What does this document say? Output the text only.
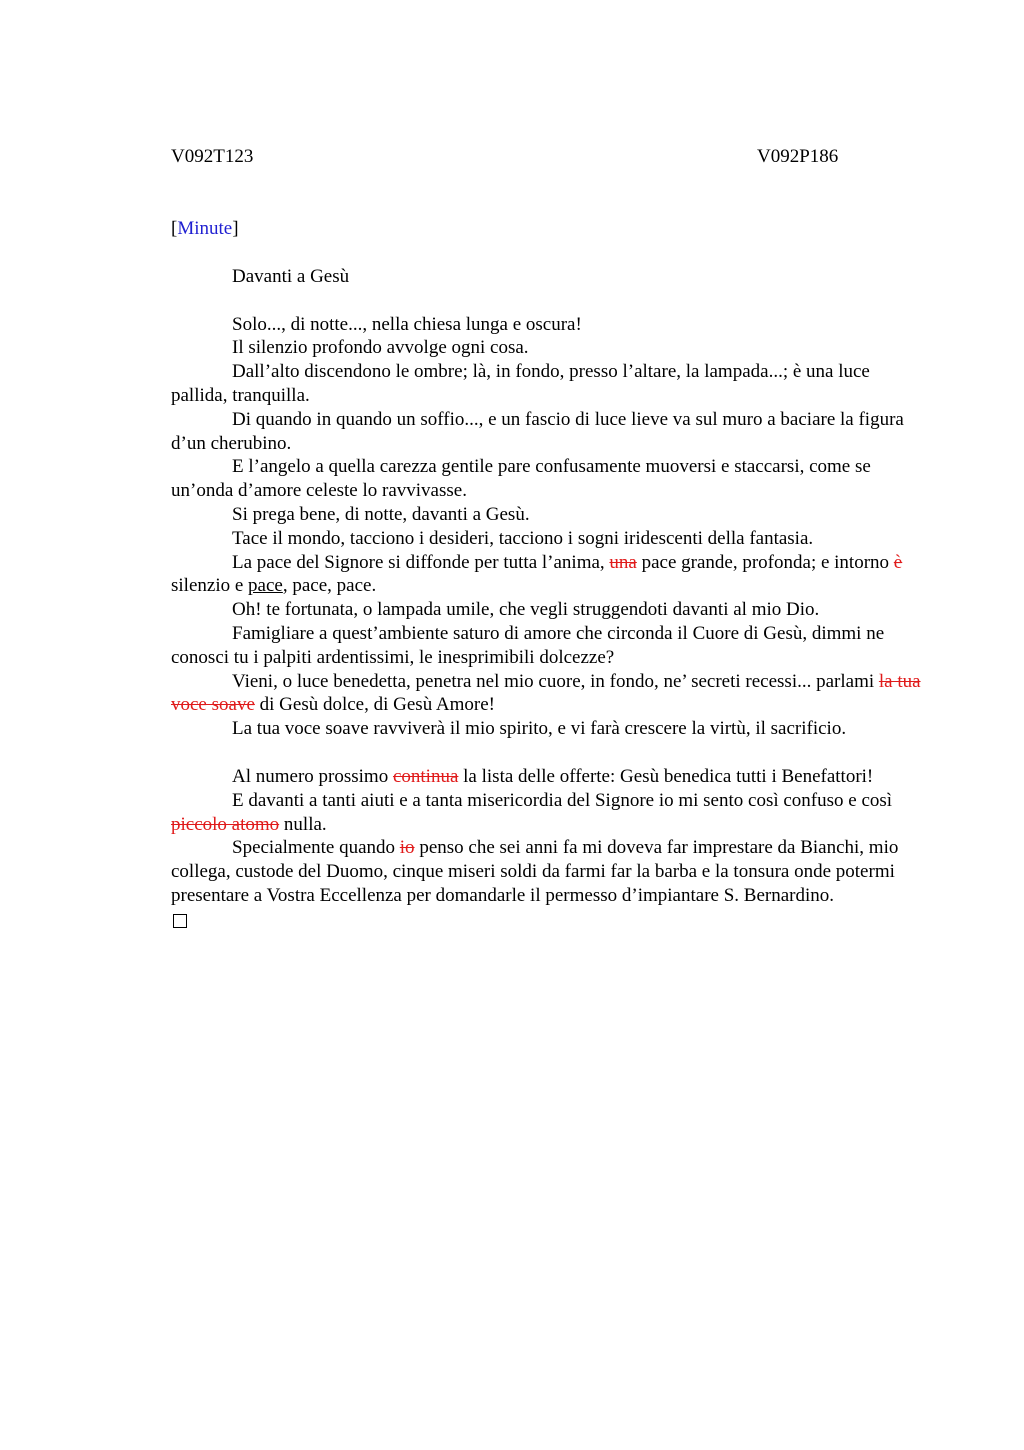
V092T123	V092P186
[Minute]
Davanti a Gesù

Solo..., di notte..., nella chiesa lunga e oscura!

Il silenzio profondo avvolge ogni cosa.

Dall’alto discendono le ombre; là, in fondo, presso l’altare, la lampada...; è una luce pallida, tranquilla.

Di quando in quando un soffio..., e un fascio di luce lieve va sul muro a baciare la figura d’un cherubino.

E l’angelo a quella carezza gentile pare confusamente muoversi e staccarsi, come se un’onda d’amore celeste lo ravvivasse.

Si prega bene, di notte, davanti a Gesù.

Tace il mondo, tacciono i desideri, tacciono i sogni iridescenti della fantasia.

La pace del Signore si diffonde per tutta l’anima, una pace grande, profonda; e intorno è silenzio e pace, pace, pace.

Oh! te fortunata, o lampada umile, che vegli struggendoti davanti al mio Dio.

Famigliare a quest’ambiente saturo di amore che circonda il Cuore di Gesù, dimmi ne conosci tu i palpiti ardentissimi, le inesprimibili dolcezze?

Vieni, o luce benedetta, penetra nel mio cuore, in fondo, ne’ secreti recessi... parlami la tua voce soave di Gesù dolce, di Gesù Amore!

La tua voce soave ravviverà il mio spirito, e vi farà crescere la virtù, il sacrificio.

Al numero prossimo continua la lista delle offerte: Gesù benedica tutti i Benefattori!

E davanti a tanti aiuti e a tanta misericordia del Signore io mi sento così confuso e così piccolo atomo nulla.

Specialmente quando io penso che sei anni fa mi doveva far imprestare da Bianchi, mio collega, custode del Duomo, cinque miseri soldi da farmi far la barba e la tonsura onde potermi presentare a Vostra Eccellenza per domandarle il permesso d’impiantare S. Bernardino.
